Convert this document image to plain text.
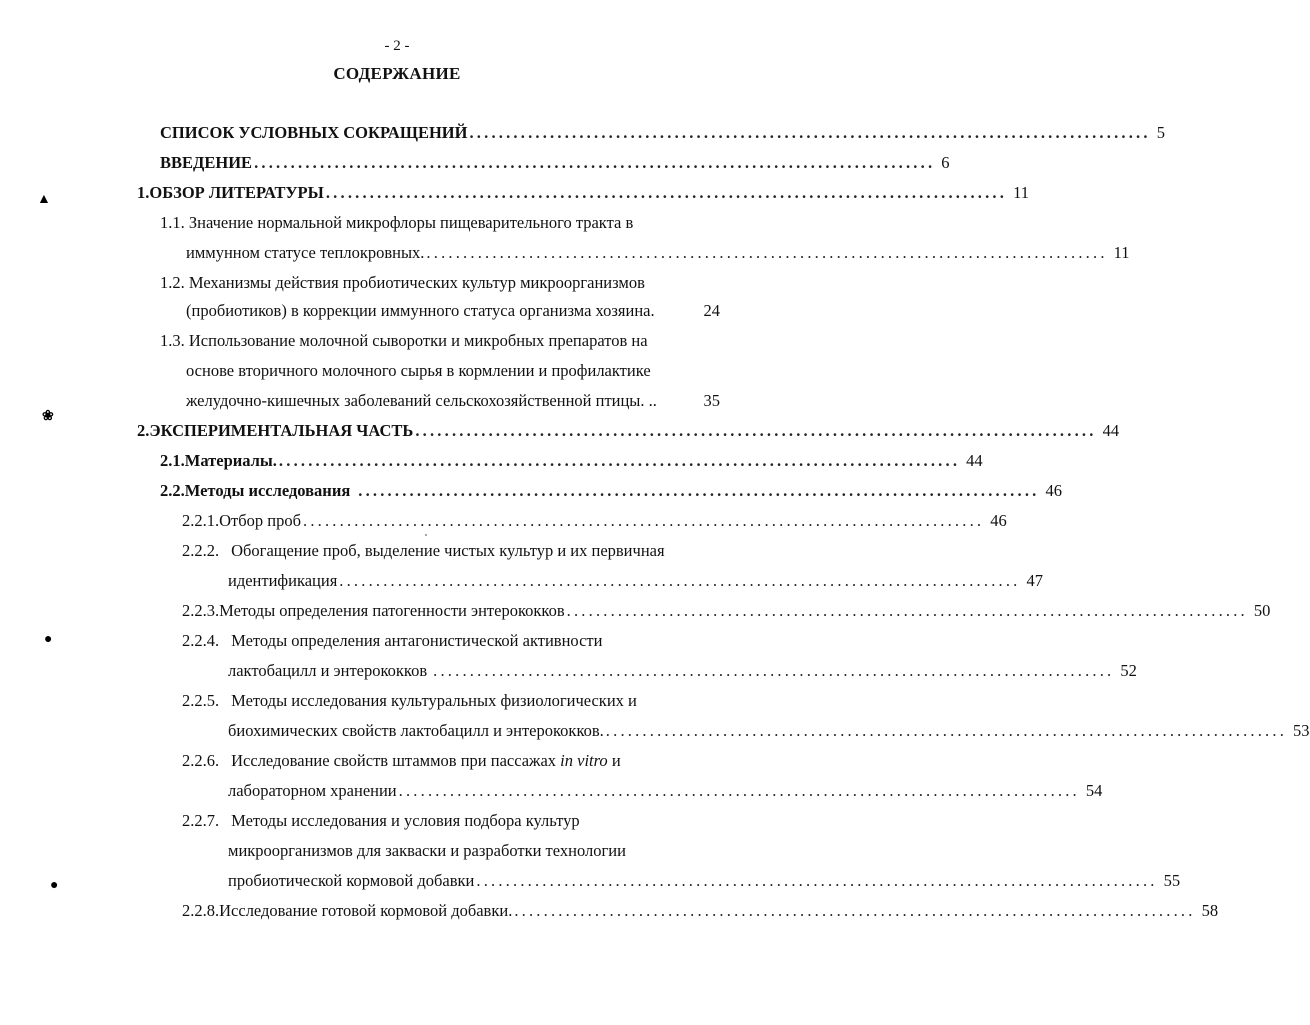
- 2 -
СОДЕРЖАНИЕ
СПИСОК УСЛОВНЫХ СОКРАЩЕНИЙ ............................................................................................. 5
ВВЕДЕНИЕ ............................................................................................. 6
1. ОБЗОР ЛИТЕРАТУРЫ ............................................................................................. 11
1.1. Значение нормальной микрофлоры пищеварительного тракта в
иммунном статусе теплокровных. ............................................................................................. 11
1.2. Механизмы действия пробиотических культур микроорганизмов
(пробиотиков) в коррекции иммунного статуса организма хозяина.	24
1.3. Использование молочной сыворотки и микробных препаратов на
основе вторичного молочного сырья в кормлении и профилактике
желудочно-кишечных заболеваний сельскохозяйственной птицы. ..	35
2. ЭКСПЕРИМЕНТАЛЬНАЯ ЧАСТЬ ............................................................................................. 44
2.1. Материалы. ............................................................................................. 44
2.2. Методы исследования ............................................................................................. 46
2.2.1. Отбор проб ............................................................................................. 46
2.2.2. Обогащение проб, выделение чистых культур и их первичная
идентификация ............................................................................................. 47
2.2.3. Методы определения патогенности энтерококков ............................................................................................. 50
2.2.4. Методы определения антагонистической активности
лактобацилл и энтерококков ............................................................................................. 52
2.2.5. Методы исследования культуральных физиологических и
биохимических свойств лактобацилл и энтерококков. ............................................................................................. 53
2.2.6. Исследование свойств штаммов при пассажах in vitro и
лабораторном хранении ............................................................................................. 54
2.2.7. Методы исследования и условия подбора культур
микроорганизмов для закваски и разработки технологии
пробиотической кормовой добавки ............................................................................................. 55
2.2.8. Исследование готовой кормовой добавки. ............................................................................................. 58
▲
❀
●
●
